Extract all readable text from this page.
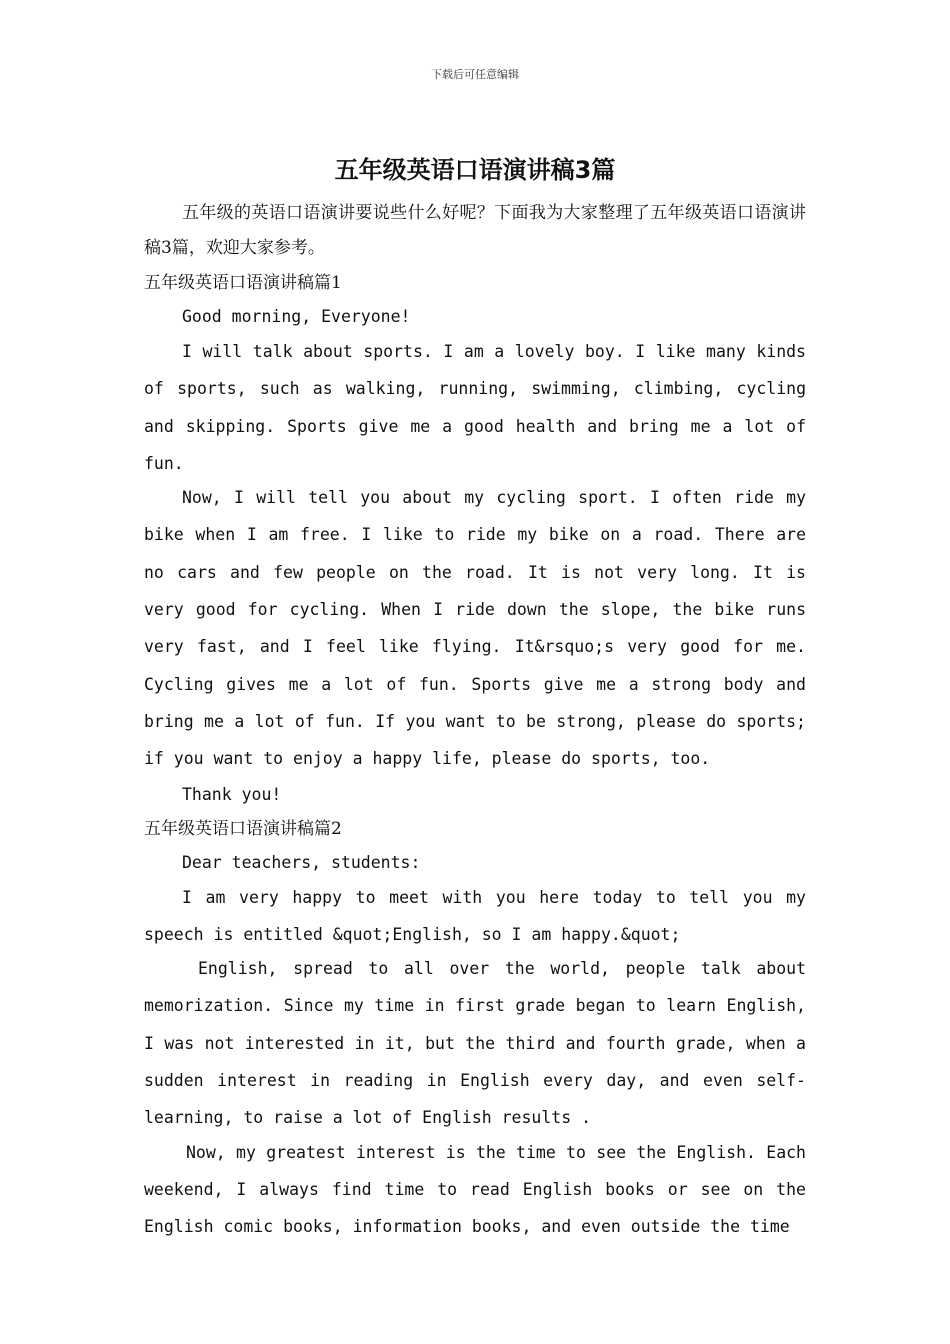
下载后可任意编辑
五年级英语口语演讲稿3篇

五年级的英语口语演讲要说些什么好呢？下面我为大家整理了五年级英语口语演讲稿3篇，欢迎大家参考。

五年级英语口语演讲稿篇1

Good morning, Everyone!

I will talk about sports. I am a lovely boy. I like many kinds of sports, such as walking, running, swimming, climbing, cycling and skipping. Sports give me a good health and bring me a lot of fun.

Now, I will tell you about my cycling sport. I often ride my bike when I am free. I like to ride my bike on a road. There are no cars and few people on the road. It is not very long. It is very good for cycling. When I ride down the slope, the bike runs very fast, and I feel like flying. It&rsquo;s very good for me. Cycling gives me a lot of fun. Sports give me a strong body and bring me a lot of fun. If you want to be strong, please do sports; if you want to enjoy a happy life, please do sports, too.

Thank you!

五年级英语口语演讲稿篇2

Dear teachers, students:

I am very happy to meet with you here today to tell you my speech is entitled &quot;English, so I am happy.&quot;

English, spread to all over the world, people talk about memorization. Since my time in first grade began to learn English, I was not interested in it, but the third and fourth grade, when a sudden interest in reading in English every day, and even self-learning, to raise a lot of English results .

Now, my greatest interest is the time to see the English. Each weekend, I always find time to read English books or see on the English comic books, information books, and even outside the time
